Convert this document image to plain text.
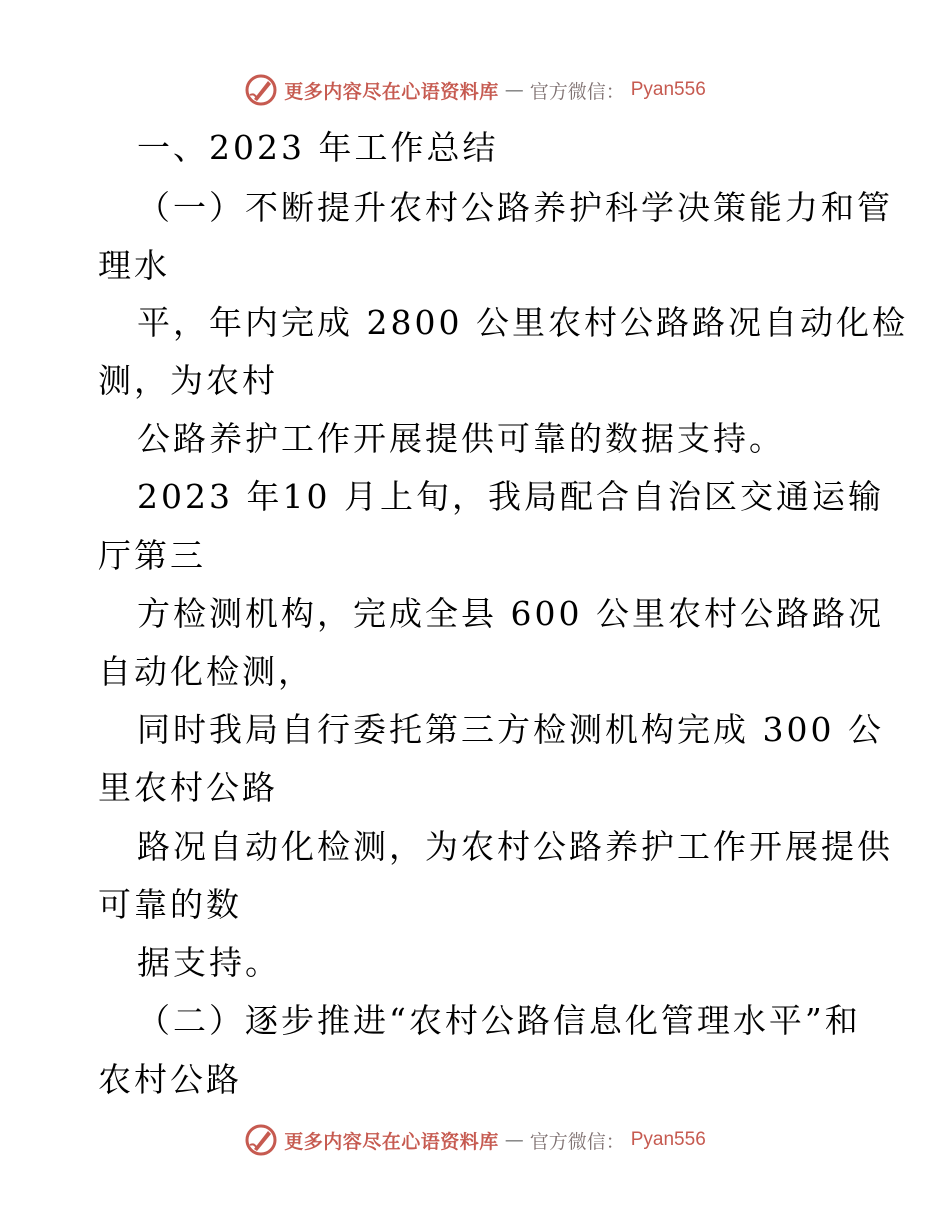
更多内容尽在心语资料库 — 官方微信： Pyan556
一、2023 年工作总结
（一）不断提升农村公路养护科学决策能力和管
理水
平，年内完成 2800 公里农村公路路况自动化检
测，为农村
公路养护工作开展提供可靠的数据支持。
2023 年10 月上旬，我局配合自治区交通运输
厅第三
方检测机构，完成全县 600 公里农村公路路况
自动化检测，
同时我局自行委托第三方检测机构完成 300 公
里农村公路
路况自动化检测，为农村公路养护工作开展提供
可靠的数
据支持。
（二）逐步推进“农村公路信息化管理水平”和
农村公路
更多内容尽在心语资料库 — 官方微信： Pyan556
